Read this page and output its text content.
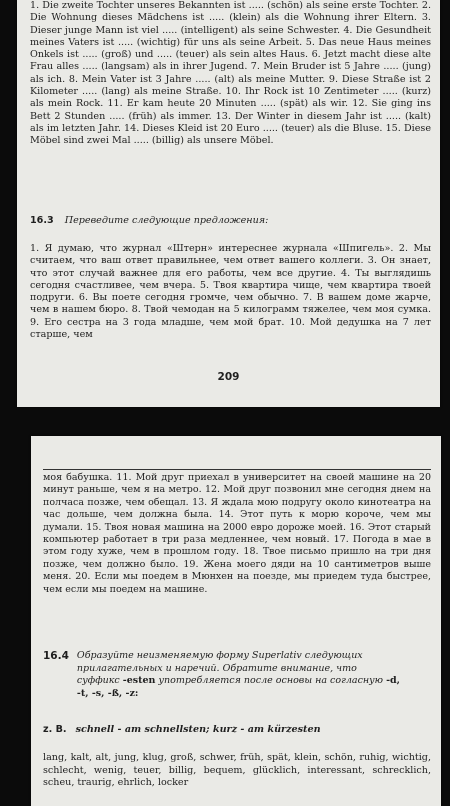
1. Die zweite Tochter unseres Bekannten ist ..... (schön) als seine erste Tochter. 2. Die Wohnung dieses Mädchens ist ..... (klein) als die Wohnung ihrer Eltern. 3. Dieser junge Mann ist viel ..... (intelligent) als seine Schwester. 4. Die Gesundheit meines Vaters ist ..... (wichtig) für uns als seine Arbeit. 5. Das neue Haus meines Onkels ist ..... (groß) und ..... (teuer) als sein altes Haus. 6. Jetzt macht diese alte Frau alles ..... (langsam) als in ihrer Jugend. 7. Mein Bruder ist 5 Jahre ..... (jung) als ich. 8. Mein Vater ist 3 Jahre ..... (alt) als meine Mutter. 9. Diese Straße ist 2 Kilometer ..... (lang) als meine Straße. 10. Ihr Rock ist 10 Zentimeter ..... (kurz) als mein Rock. 11. Er kam heute 20 Minuten ..... (spät) als wir. 12. Sie ging ins Bett 2 Stunden ..... (früh) als immer. 13. Der Winter in diesem Jahr ist ..... (kalt) als im letzten Jahr. 14. Dieses Kleid ist 20 Euro ..... (teuer) als die Bluse. 15. Diese Möbel sind zwei Mal ..... (billig) als unsere Möbel.

16.3 Переведите следующие предложения:

1. Я думаю, что журнал «Штерн» интереснее журнала «Шпигель». 2. Мы считаем, что ваш ответ правильнее, чем ответ вашего коллеги. 3. Он знает, что этот случай важнее для его работы, чем все другие. 4. Ты выглядишь сегодня счастливее, чем вчера. 5. Твоя квартира чище, чем квартира твоей подруги. 6. Вы поете сегодня громче, чем обычно. 7. В вашем доме жарче, чем в нашем бюро. 8. Твой чемодан на 5 килограмм тяжелее, чем моя сумка. 9. Его сестра на 3 года младше, чем мой брат. 10. Мой дедушка на 7 лет старше, чем

209

моя бабушка. 11. Мой друг приехал в университет на своей машине на 20 минут раньше, чем я на метро. 12. Мой друг позвонил мне сегодня днем на полчаса позже, чем обещал. 13. Я ждала мою подругу около кинотеатра на час дольше, чем должна была. 14. Этот путь к морю короче, чем мы думали. 15. Твоя новая машина на 2000 евро дороже моей. 16. Этот старый компьютер работает в три раза медленнее, чем новый. 17. Погода в мае в этом году хуже, чем в прошлом году. 18. Твое письмо пришло на три дня позже, чем должно было. 19. Жена моего дяди на 10 сантиметров выше меня. 20. Если мы поедем в Мюнхен на поезде, мы приедем туда быстрее, чем если мы поедем на машине.

16.4 Образуйте неизменяемую форму Superlativ следующих прилагательных и наречий. Обратите внимание, что суффикс -esten употребляется после основы на согласную -d, -t, -s, -ß, -z:
z. B. schnell - am schnellsten; kurz - am kürzesten

lang, kalt, alt, jung, klug, groß, schwer, früh, spät, klein, schön, ruhig, wichtig, schlecht, wenig, teuer, billig, bequem, glücklich, interessant, schrecklich, scheu, traurig, ehrlich, locker
